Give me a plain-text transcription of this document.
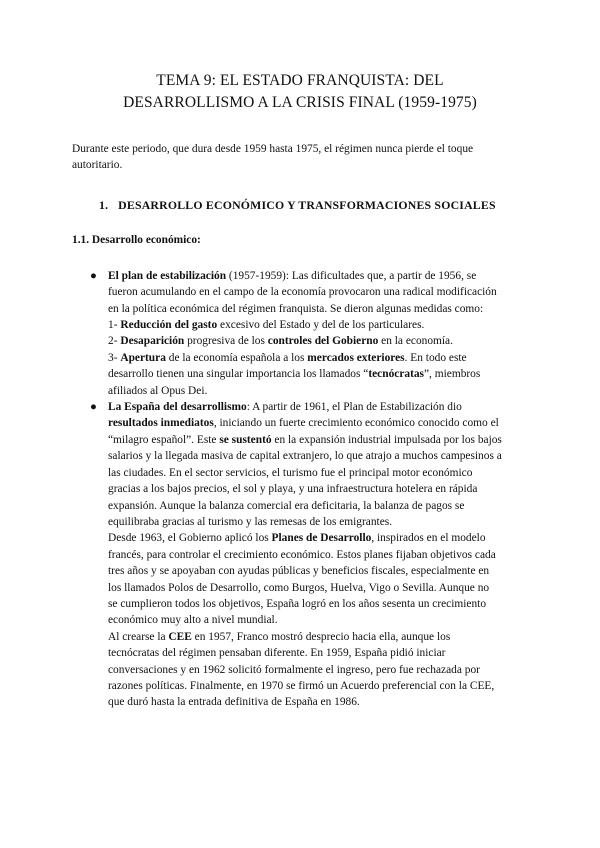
TEMA 9: EL ESTADO FRANQUISTA: DEL
DESARROLLISMO A LA CRISIS FINAL (1959-1975)

Durante este periodo, que dura desde 1959 hasta 1975, el régimen nunca pierde el toque autoritario.

1. DESARROLLO ECONÓMICO Y TRANSFORMACIONES SOCIALES
1.1. Desarrollo económico:
● El plan de estabilización (1957-1959): Las dificultades que, a partir de 1956, se
fueron acumulando en el campo de la economía provocaron una radical modificación
en la política económica del régimen franquista. Se dieron algunas medidas como:
1- Reducción del gasto excesivo del Estado y del de los particulares.
2- Desaparición progresiva de los controles del Gobierno en la economía.
3- Apertura de la economía española a los mercados exteriores. En todo este
desarrollo tienen una singular importancia los llamados “tecnócratas”, miembros
afiliados al Opus Dei.
● La España del desarrollismo: A partir de 1961, el Plan de Estabilización dio
resultados inmediatos, iniciando un fuerte crecimiento económico conocido como el
“milagro español”. Este se sustentó en la expansión industrial impulsada por los bajos
salarios y la llegada masiva de capital extranjero, lo que atrajo a muchos campesinos a
las ciudades. En el sector servicios, el turismo fue el principal motor económico
gracias a los bajos precios, el sol y playa, y una infraestructura hotelera en rápida
expansión. Aunque la balanza comercial era deficitaria, la balanza de pagos se
equilibraba gracias al turismo y las remesas de los emigrantes.
Desde 1963, el Gobierno aplicó los Planes de Desarrollo, inspirados en el modelo
francés, para controlar el crecimiento económico. Estos planes fijaban objetivos cada
tres años y se apoyaban con ayudas públicas y beneficios fiscales, especialmente en
los llamados Polos de Desarrollo, como Burgos, Huelva, Vigo o Sevilla. Aunque no
se cumplieron todos los objetivos, España logró en los años sesenta un crecimiento
económico muy alto a nivel mundial.
Al crearse la CEE en 1957, Franco mostró desprecio hacia ella, aunque los
tecnócratas del régimen pensaban diferente. En 1959, España pidió iniciar
conversaciones y en 1962 solicitó formalmente el ingreso, pero fue rechazada por
razones políticas. Finalmente, en 1970 se firmó un Acuerdo preferencial con la CEE,
que duró hasta la entrada definitiva de España en 1986.
